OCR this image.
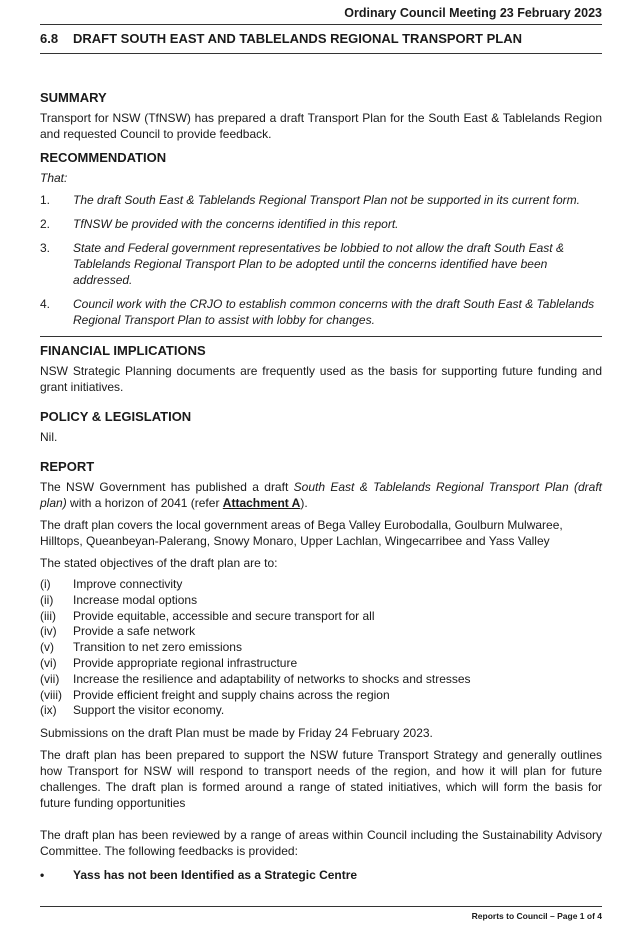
Ordinary Council Meeting 23 February 2023
6.8 DRAFT SOUTH EAST AND TABLELANDS REGIONAL TRANSPORT PLAN
SUMMARY

Transport for NSW (TfNSW) has prepared a draft Transport Plan for the South East & Tablelands Region and requested Council to provide feedback.

RECOMMENDATION

That:

1.	The draft South East & Tablelands Regional Transport Plan not be supported in its current form.
2.	TfNSW be provided with the concerns identified in this report.
3.	State and Federal government representatives be lobbied to not allow the draft South East & Tablelands Regional Transport Plan to be adopted until the concerns identified have been addressed.
4.	Council work with the CRJO to establish common concerns with the draft South East & Tablelands Regional Transport Plan to assist with lobby for changes.
FINANCIAL IMPLICATIONS

NSW Strategic Planning documents are frequently used as the basis for supporting future funding and grant initiatives.

POLICY & LEGISLATION

Nil.

REPORT

The NSW Government has published a draft South East & Tablelands Regional Transport Plan (draft plan) with a horizon of 2041 (refer Attachment A).

The draft plan covers the local government areas of Bega Valley Eurobodalla, Goulburn Mulwaree, Hilltops, Queanbeyan-Palerang, Snowy Monaro, Upper Lachlan, Wingecarribee and Yass Valley

The stated objectives of the draft plan are to:

(i)	Improve connectivity
(ii)	Increase modal options
(iii)	Provide equitable, accessible and secure transport for all
(iv)	Provide a safe network
(v)	Transition to net zero emissions
(vi)	Provide appropriate regional infrastructure
(vii)	Increase the resilience and adaptability of networks to shocks and stresses
(viii) Provide efficient freight and supply chains across the region
(ix)	Support the visitor economy.

Submissions on the draft Plan must be made by Friday 24 February 2023.

The draft plan has been prepared to support the NSW future Transport Strategy and generally outlines how Transport for NSW will respond to transport needs of the region, and how it will plan for future challenges. The draft plan is formed around a range of stated initiatives, which will form the basis for future funding opportunities

The draft plan has been reviewed by a range of areas within Council including the Sustainability Advisory Committee. The following feedbacks is provided:

•	Yass has not been Identified as a Strategic Centre
Reports to Council – Page 1 of 4
